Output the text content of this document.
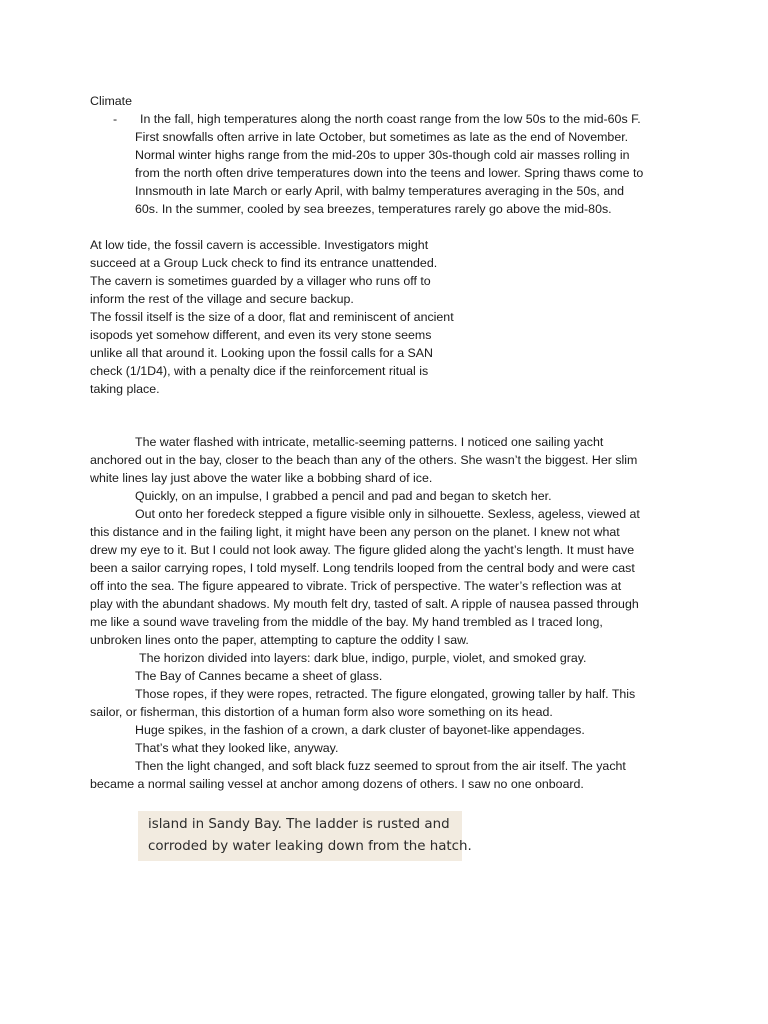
Climate
- In the fall, high temperatures along the north coast range from the low 50s to the mid-60s F.
First snowfalls often arrive in late October, but sometimes as late as the end of November.
Normal winter highs range from the mid-20s to upper 30s-though cold air masses rolling in
from the north often drive temperatures down into the teens and lower. Spring thaws come to
Innsmouth in late March or early April, with balmy temperatures averaging in the 50s, and
60s. In the summer, cooled by sea breezes, temperatures rarely go above the mid-80s.
At low tide, the fossil cavern is accessible. Investigators might
succeed at a Group Luck check to find its entrance unattended.
The cavern is sometimes guarded by a villager who runs off to
inform the rest of the village and secure backup.
The fossil itself is the size of a door, flat and reminiscent of ancient
isopods yet somehow different, and even its very stone seems
unlike all that around it. Looking upon the fossil calls for a SAN
check (1/1D4), with a penalty dice if the reinforcement ritual is
taking place.
The water flashed with intricate, metallic-seeming patterns. I noticed one sailing yacht
anchored out in the bay, closer to the beach than any of the others. She wasn’t the biggest. Her slim
white lines lay just above the water like a bobbing shard of ice.
Quickly, on an impulse, I grabbed a pencil and pad and began to sketch her.
Out onto her foredeck stepped a figure visible only in silhouette. Sexless, ageless, viewed at
this distance and in the failing light, it might have been any person on the planet. I knew not what
drew my eye to it. But I could not look away. The figure glided along the yacht’s length. It must have
been a sailor carrying ropes, I told myself. Long tendrils looped from the central body and were cast
off into the sea. The figure appeared to vibrate. Trick of perspective. The water’s reflection was at
play with the abundant shadows. My mouth felt dry, tasted of salt. A ripple of nausea passed through
me like a sound wave traveling from the middle of the bay. My hand trembled as I traced long,
unbroken lines onto the paper, attempting to capture the oddity I saw.
The horizon divided into layers: dark blue, indigo, purple, violet, and smoked gray.
The Bay of Cannes became a sheet of glass.
Those ropes, if they were ropes, retracted. The figure elongated, growing taller by half. This
sailor, or fisherman, this distortion of a human form also wore something on its head.
Huge spikes, in the fashion of a crown, a dark cluster of bayonet-like appendages.
That’s what they looked like, anyway.
Then the light changed, and soft black fuzz seemed to sprout from the air itself. The yacht
became a normal sailing vessel at anchor among dozens of others. I saw no one onboard.
island in Sandy Bay. The ladder is rusted and
corroded by water leaking down from the hatch.
